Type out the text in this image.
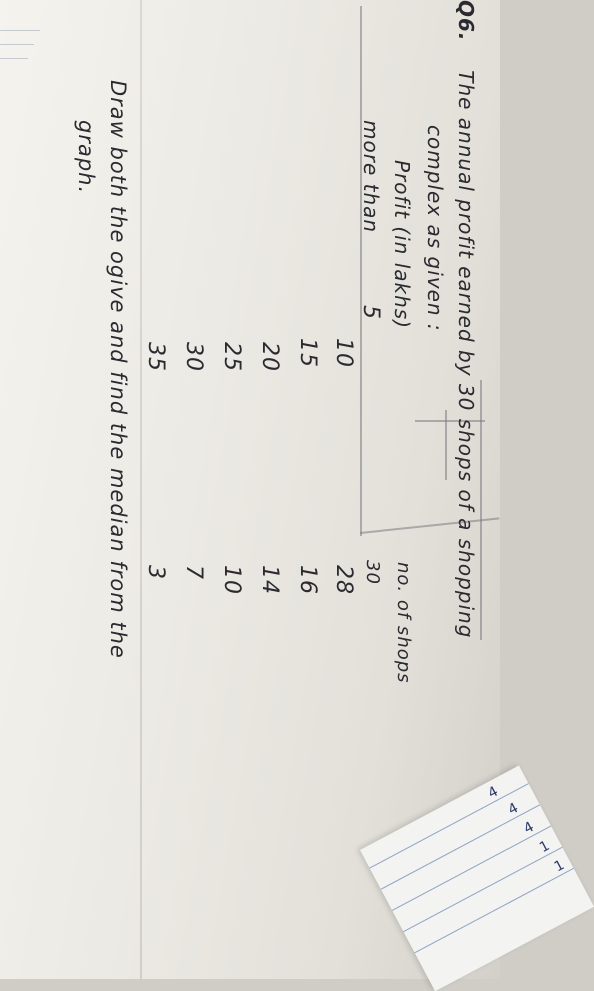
Q6.  The annual profit earned by 30 shops of a shopping
complex as given :
Profit (in lakhs)
more than
no. of shops
5
10
15
20
25
30
35
30
28
16
14
10
7
3
Draw both the ogive and find the median from the
graph.
4
4
4
1
1
